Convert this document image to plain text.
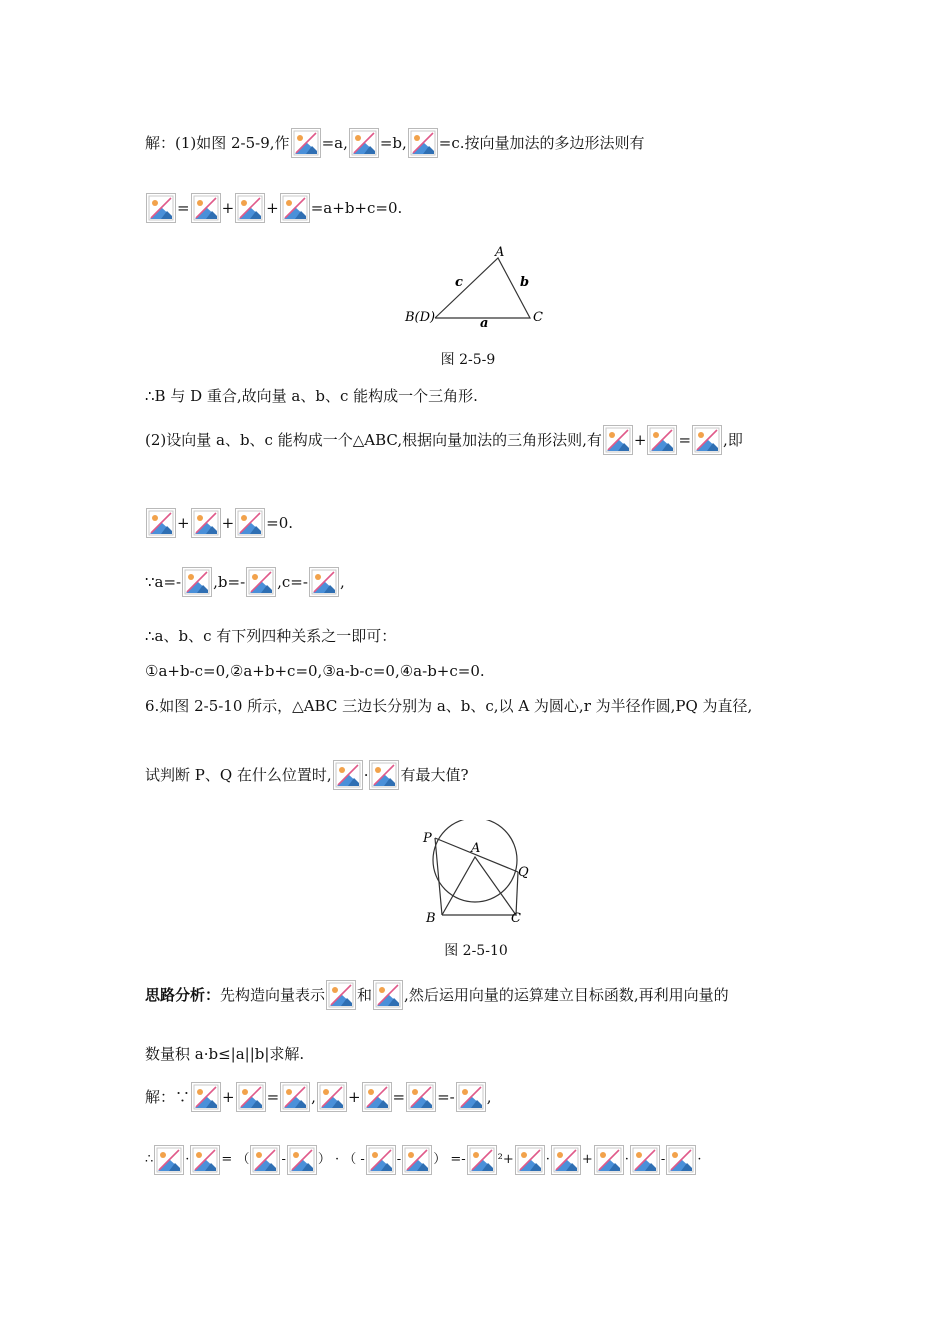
解：(1)如图 2-5-9,作 =a, =b, =c.按向量加法的多边形法则有
= + + =a+b+c=0.
A
B(D)	C
a
b
c
图 2-5-9
∴B 与 D 重合,故向量 a、b、c 能构成一个三角形.
(2)设向量 a、b、c 能构成一个△ABC,根据向量加法的三角形法则,有 + = ,即
+ + =0.
∵a=- ,b=- ,c=- ,
∴a、b、c 有下列四种关系之一即可：
①a+b-c=0,②a+b+c=0,③a-b-c=0,④a-b+c=0.
6.如图 2-5-10 所示，△ABC 三边长分别为 a、b、c,以 A 为圆心,r 为半径作圆,PQ 为直径,
试判断 P、Q 在什么位置时, · 有最大值?
P
A
Q
B	C
图 2-5-10
思路分析：先构造向量表示 和 ,然后运用向量的运算建立目标函数,再利用向量的
数量积 a·b≤|a||b|求解.
解：∵ + = , + = =- ,
∴ · = （ - ） · （ - - ） =- ²+ · + · - ·
